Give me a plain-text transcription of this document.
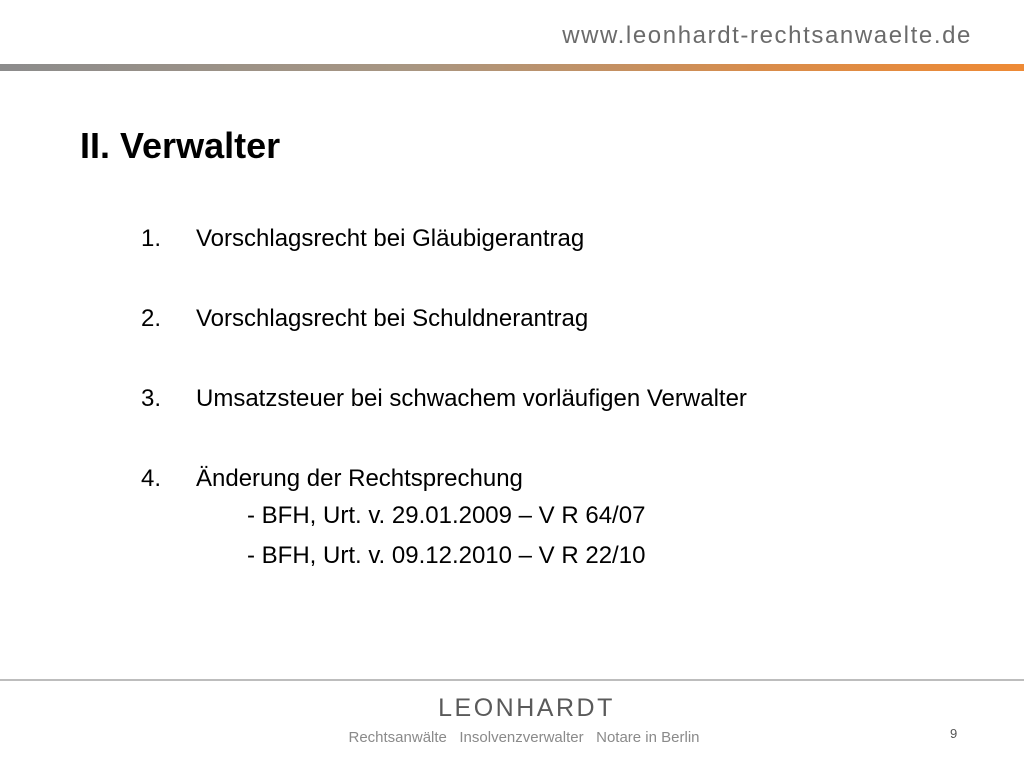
www.leonhardt-rechtsanwaelte.de
II. Verwalter
1. Vorschlagsrecht bei Gläubigerantrag
2. Vorschlagsrecht bei Schuldnerantrag
3. Umsatzsteuer bei schwachem vorläufigen Verwalter
4. Änderung der Rechtsprechung
- BFH, Urt. v. 29.01.2009 – V R 64/07
- BFH, Urt. v. 09.12.2010 – V R 22/10
LEONHARDT
Rechtsanwälte   Insolvenzverwalter   Notare in Berlin	9
